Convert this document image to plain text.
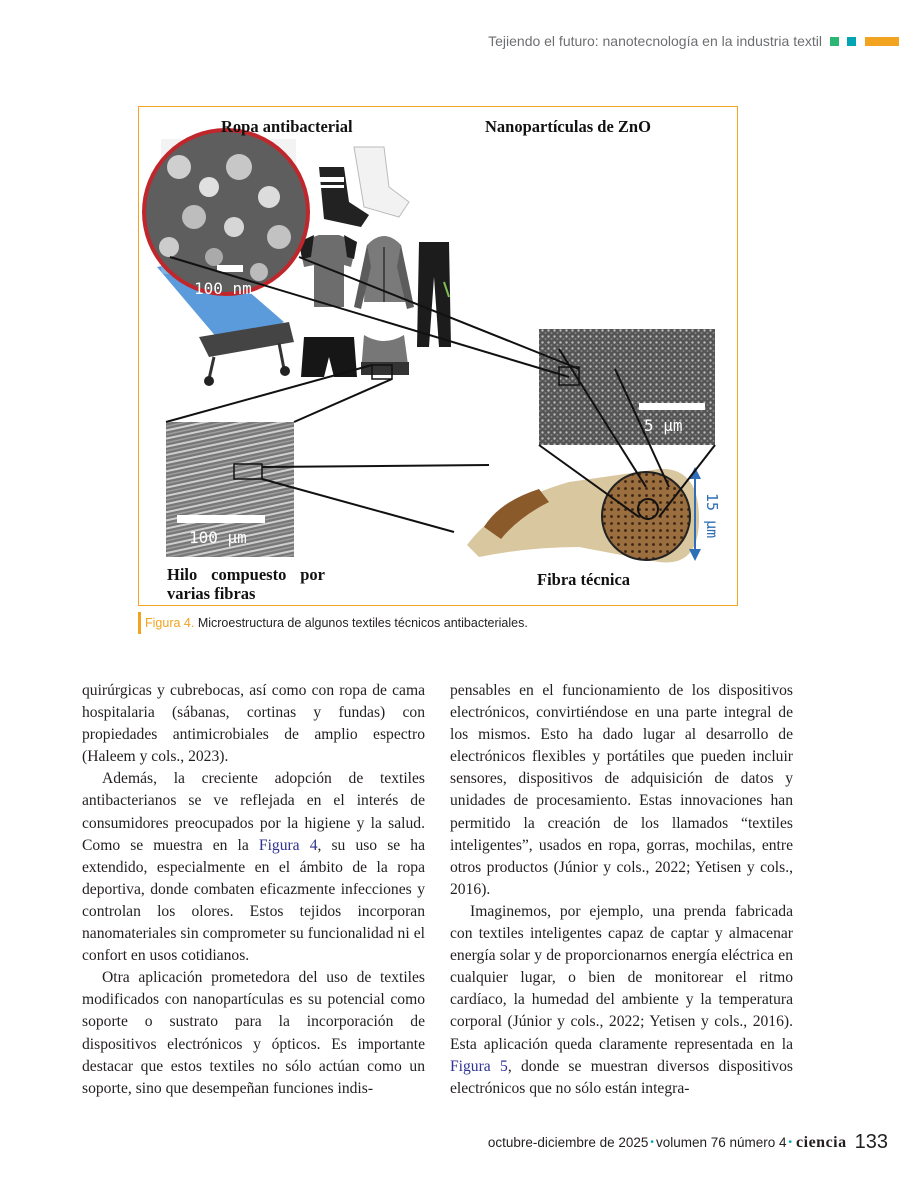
Tejiendo el futuro: nanotecnología en la industria textil
100 µm
100 nm
5 µm
15 µm
Ropa antibacterial	Nanopartículas de ZnO
Hilo compuesto por
varias fibras
Fibra técnica
Figura 4. Microestructura de algunos textiles técnicos antibacteriales.

quirúrgicas y cubrebocas, así como con ropa de cama hospitalaria (sábanas, cortinas y fundas) con propiedades antimicrobiales de amplio espectro (Haleem y cols., 2023).

Además, la creciente adopción de textiles antibacterianos se ve reflejada en el interés de consumidores preocupados por la higiene y la salud. Como se muestra en la Figura 4, su uso se ha extendido, especialmente en el ámbito de la ropa deportiva, donde combaten eficazmente infecciones y controlan los olores. Estos tejidos incorporan nanomateriales sin comprometer su funcionalidad ni el confort en usos cotidianos.

Otra aplicación prometedora del uso de textiles modificados con nanopartículas es su potencial como soporte o sustrato para la incorporación de dispositivos electrónicos y ópticos. Es importante destacar que estos textiles no sólo actúan como un soporte, sino que desempeñan funciones indis-

pensables en el funcionamiento de los dispositivos electrónicos, convirtiéndose en una parte integral de los mismos. Esto ha dado lugar al desarrollo de electrónicos flexibles y portátiles que pueden incluir sensores, dispositivos de adquisición de datos y unidades de procesamiento. Estas innovaciones han permitido la creación de los llamados “textiles inteligentes”, usados en ropa, gorras, mochilas, entre otros productos (Júnior y cols., 2022; Yetisen y cols., 2016).

Imaginemos, por ejemplo, una prenda fabricada con textiles inteligentes capaz de captar y almacenar energía solar y de proporcionarnos energía eléctrica en cualquier lugar, o bien de monitorear el ritmo cardíaco, la humedad del ambiente y la temperatura corporal (Júnior y cols., 2022; Yetisen y cols., 2016). Esta aplicación queda claramente representada en la Figura 5, donde se muestran diversos dispositivos electrónicos que no sólo están integra-

octubre-diciembre de 2025 • volumen 76 número 4 • ciencia 133
